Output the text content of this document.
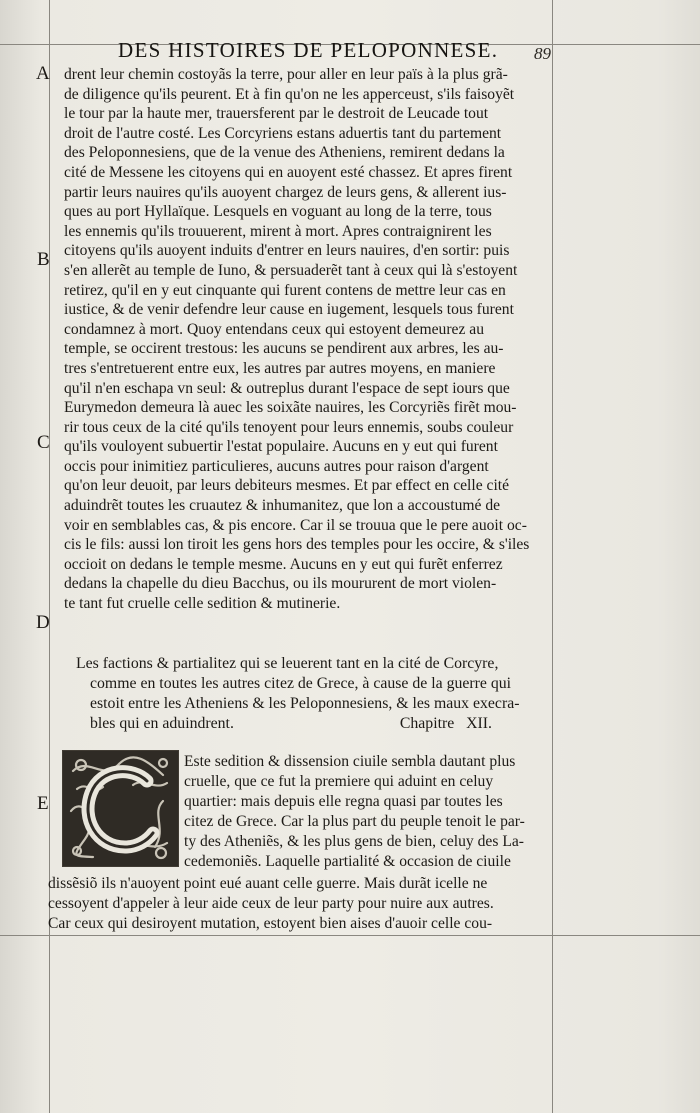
DES HISTOIRES DE PELOPONNESE. 89
A
B
C
D
E
drent leur chemin costoyãs la terre, pour aller en leur païs à la plus grã-
de diligence qu'ils peurent. Et à fin qu'on ne les apperceust, s'ils faisoyẽt
le tour par la haute mer, trauersferent par le destroit de Leucade tout
droit de l'autre costé. Les Corcyriens estans aduertis tant du partement
des Peloponnesiens, que de la venue des Atheniens, remirent dedans la
cité de Messene les citoyens qui en auoyent esté chassez. Et apres firent
partir leurs nauires qu'ils auoyent chargez de leurs gens, & allerent ius-
ques au port Hyllaïque. Lesquels en voguant au long de la terre, tous
les ennemis qu'ils trouuerent, mirent à mort. Apres contraignirent les
citoyens qu'ils auoyent induits d'entrer en leurs nauires, d'en sortir: puis
s'en allerẽt au temple de Iuno, & persuaderẽt tant à ceux qui là s'estoyent
retirez, qu'il en y eut cinquante qui furent contens de mettre leur cas en
iustice, & de venir defendre leur cause en iugement, lesquels tous furent
condamnez à mort. Quoy entendans ceux qui estoyent demeurez au
temple, se occirent trestous: les aucuns se pendirent aux arbres, les au-
tres s'entretuerent entre eux, les autres par autres moyens, en maniere
qu'il n'en eschapa vn seul: & outreplus durant l'espace de sept iours que
Eurymedon demeura là auec les soixãte nauires, les Corcyriẽs firẽt mou-
rir tous ceux de la cité qu'ils tenoyent pour leurs ennemis, soubs couleur
qu'ils vouloyent subuertir l'estat populaire. Aucuns en y eut qui furent
occis pour inimitiez particulieres, aucuns autres pour raison d'argent
qu'on leur deuoit, par leurs debiteurs mesmes. Et par effect en celle cité
aduindrẽt toutes les cruautez & inhumanitez, que lon a accoustumé de
voir en semblables cas, & pis encore. Car il se trouua que le pere auoit oc-
cis le fils: aussi lon tiroit les gens hors des temples pour les occire, & s'iles
occioit on dedans le temple mesme. Aucuns en y eut qui furẽt enferrez
dedans la chapelle du dieu Bacchus, ou ils moururent de mort violen-
te tant fut cruelle celle sedition & mutinerie.
Les factions & partialitez qui se leuerent tant en la cité de Corcyre,
comme en toutes les autres citez de Grece, à cause de la guerre qui
estoit entre les Atheniens & les Peloponnesiens, & les maux execra-
bles qui en aduindrent.	Chapitre XII.
Este sedition & dissension ciuile sembla dautant plus
cruelle, que ce fut la premiere qui aduint en celuy
quartier: mais depuis elle regna quasi par toutes les
citez de Grece. Car la plus part du peuple tenoit le par-
ty des Atheniẽs, & les plus gens de bien, celuy des La-
cedemoniẽs. Laquelle partialité & occasion de ciuile
dissẽsiõ ils n'auoyent point eué auant celle guerre. Mais durãt icelle ne
cessoyent d'appeler à leur aide ceux de leur party pour nuire aux autres.
Car ceux qui desiroyent mutation, estoyent bien aises d'auoir celle cou-
